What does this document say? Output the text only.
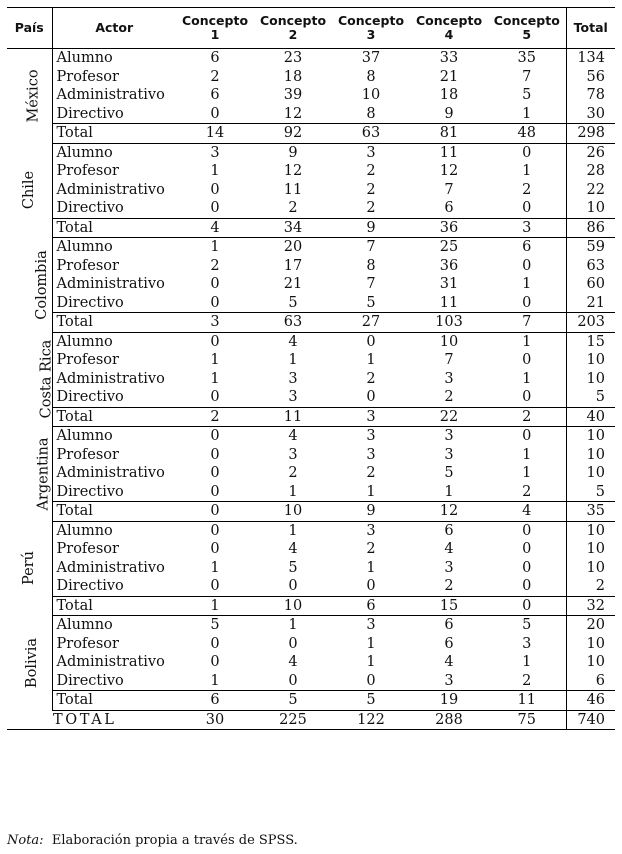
País	Actor	Concepto 1	Concepto 2	Concepto 3	Concepto 4	Concepto 5	Total
México	Alumno	6	23	37	33	35	134
	Profesor	2	18	8	21	7	56
	Administrativo	6	39	10	18	5	78
	Directivo	0	12	8	9	1	30
	Total	14	92	63	81	48	298
Chile	Alumno	3	9	3	11	0	26
	Profesor	1	12	2	12	1	28
	Administrativo	0	11	2	7	2	22
	Directivo	0	2	2	6	0	10
	Total	4	34	9	36	3	86
Colombia	Alumno	1	20	7	25	6	59
	Profesor	2	17	8	36	0	63
	Administrativo	0	21	7	31	1	60
	Directivo	0	5	5	11	0	21
	Total	3	63	27	103	7	203
Costa Rica	Alumno	0	4	0	10	1	15
	Profesor	1	1	1	7	0	10
	Administrativo	1	3	2	3	1	10
	Directivo	0	3	0	2	0	5
	Total	2	11	3	22	2	40
Argentina	Alumno	0	4	3	3	0	10
	Profesor	0	3	3	3	1	10
	Administrativo	0	2	2	5	1	10
	Directivo	0	1	1	1	2	5
	Total	0	10	9	12	4	35
Perú	Alumno	0	1	3	6	0	10
	Profesor	0	4	2	4	0	10
	Administrativo	1	5	1	3	0	10
	Directivo	0	0	0	2	0	2
	Total	1	10	6	15	0	32
Bolivia	Alumno	5	1	3	6	5	20
	Profesor	0	0	1	6	3	10
	Administrativo	0	4	1	4	1	10
	Directivo	1	0	0	3	2	6
	Total	6	5	5	19	11	46
TOTAL		30	225	122	288	75	740
Nota: Elaboración propia a través de SPSS.
